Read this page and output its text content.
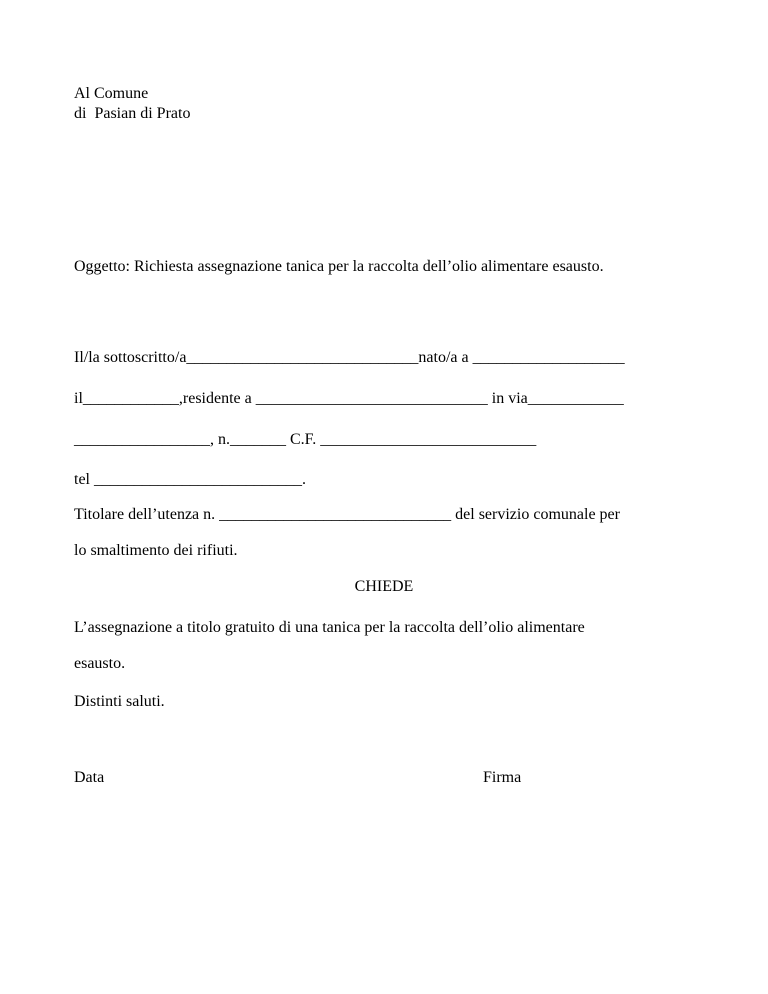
Al Comune

di  Pasian di Prato

Oggetto: Richiesta assegnazione tanica per la raccolta dell’olio alimentare esausto.

Il/la sottoscritto/a_____________________________nato/a a ___________________

il____________,residente a _____________________________ in via____________

_________________, n._______ C.F. ___________________________

tel __________________________.

Titolare dell’utenza n. _____________________________ del servizio comunale per

lo smaltimento dei rifiuti.

CHIEDE

L’assegnazione a titolo gratuito di una tanica per la raccolta dell’olio alimentare

esausto.

Distinti saluti.

Data	Firma
